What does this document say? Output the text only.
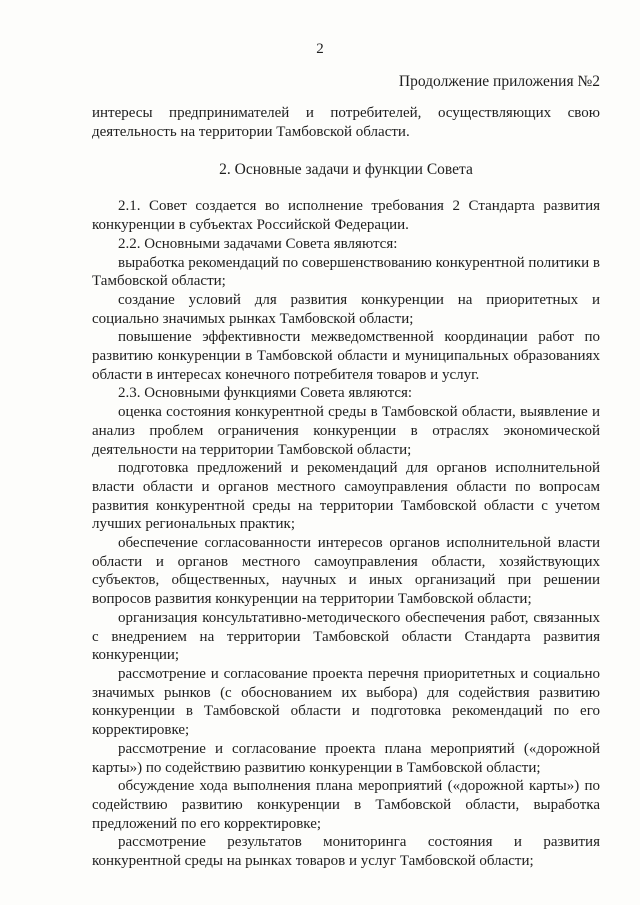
2
Продолжение приложения №2

интересы предпринимателей и потребителей, осуществляющих свою деятельность на территории Тамбовской области.

2. Основные задачи и функции Совета

2.1. Совет создается во исполнение требования 2 Стандарта развития конкуренции в субъектах Российской Федерации.

2.2. Основными задачами Совета являются:

выработка рекомендаций по совершенствованию конкурентной политики в Тамбовской области;

создание условий для развития конкуренции на приоритетных и социально значимых рынках Тамбовской области;

повышение эффективности межведомственной координации работ по развитию конкуренции в Тамбовской области и муниципальных образованиях области в интересах конечного потребителя товаров и услуг.

2.3. Основными функциями Совета являются:

оценка состояния конкурентной среды в Тамбовской области, выявление и анализ проблем ограничения конкуренции в отраслях экономической деятельности на территории Тамбовской области;

подготовка предложений и рекомендаций для органов исполнительной власти области и органов местного самоуправления области по вопросам развития конкурентной среды на территории Тамбовской области с учетом лучших региональных практик;

обеспечение согласованности интересов органов исполнительной власти области и органов местного самоуправления области, хозяйствующих субъектов, общественных, научных и иных организаций при решении вопросов развития конкуренции на территории Тамбовской области;

организация консультативно-методического обеспечения работ, связанных с внедрением на территории Тамбовской области Стандарта развития конкуренции;

рассмотрение и согласование проекта перечня приоритетных и социально значимых рынков (с обоснованием их выбора) для содействия развитию конкуренции в Тамбовской области и подготовка рекомендаций по его корректировке;

рассмотрение и согласование проекта плана мероприятий («дорожной карты») по содействию развитию конкуренции в Тамбовской области;

обсуждение хода выполнения плана мероприятий («дорожной карты») по содействию развитию конкуренции в Тамбовской области, выработка предложений по его корректировке;

рассмотрение результатов мониторинга состояния и развития конкурентной среды на рынках товаров и услуг Тамбовской области;
